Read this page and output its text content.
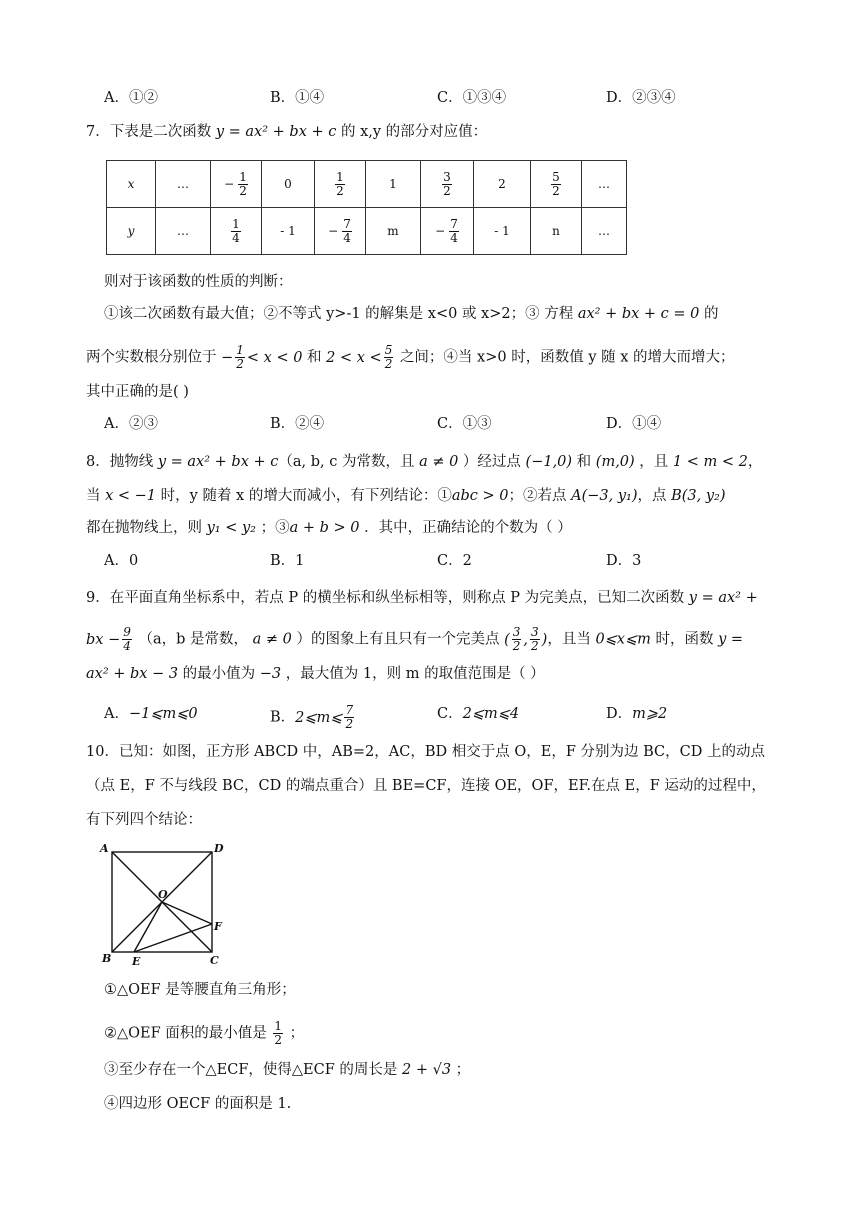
A．①②	B．①④	C．①③④	D．②③④
7．下表是二次函数 y = ax² + bx + c 的 x,y 的部分对应值：
x	…	− $\frac{1}{2}$	0	$\frac{1}{2}$	1	$\frac{3}{2}$	2	$\frac{5}{2}$	…
y	…	$\frac{1}{4}$	- 1	− $\frac{7}{4}$	m	− $\frac{7}{4}$	- 1	n	…
则对于该函数的性质的判断：
①该二次函数有最大值；②不等式 y>-1 的解集是 x<0 或 x>2；③ 方程 ax² + bx + c = 0 的
两个实数根分别位于 − $\frac{1}{2} < x < 0$ 和 $2 < x < \frac{5}{2}$ 之间；④当 x>0 时，函数值 y 随 x 的增大而增大；
其中正确的是( )
A．②③	B．②④	C．①③	D．①④
8．抛物线 y = ax² + bx + c（a, b, c 为常数，且 a ≠ 0 ）经过点 (−1,0) 和 (m,0) ，且 1 < m < 2，
当 x < −1 时，y 随着 x 的增大而减小，有下列结论：①abc > 0；②若点 A(−3, y₁)，点 B(3, y₂)
都在抛物线上，则 y₁ < y₂ ；③a + b > 0 ．其中，正确结论的个数为（ ）
A．0	B．1	C．2	D．3
9．在平面直角坐标系中，若点 P 的横坐标和纵坐标相等，则称点 P 为完美点，已知二次函数 y = ax² +
bx − $\frac{9}{4} (a$，b 是常数， a ≠ 0 ）的图象上有且只有一个完美点 ( $\frac{3}{2}$ , $\frac{3}{2}$ )，且当 0⩽x⩽m 时，函数 y =
ax² + bx − 3 的最小值为 −3 ，最大值为 1，则 m 的取值范围是（ ）
A．−1⩽m⩽0	B．2⩽m⩽ $\frac{7}{2}$	C．2⩽m⩽4	D．m⩾2
10．已知：如图，正方形 ABCD 中，AB=2，AC，BD 相交于点 O，E，F 分别为边 BC，CD 上的动点
（点 E，F 不与线段 BC，CD 的端点重合）且 BE=CF，连接 OE，OF，EF.在点 E，F 运动的过程中，
有下列四个结论：
A	D
B	C
O
E
F
①△OEF 是等腰直角三角形；
②△OEF 面积的最小值是 $\frac{1}{2}$ ；
③至少存在一个△ECF，使得△ECF 的周长是 2 + √3 ；
④四边形 OECF 的面积是 1.
